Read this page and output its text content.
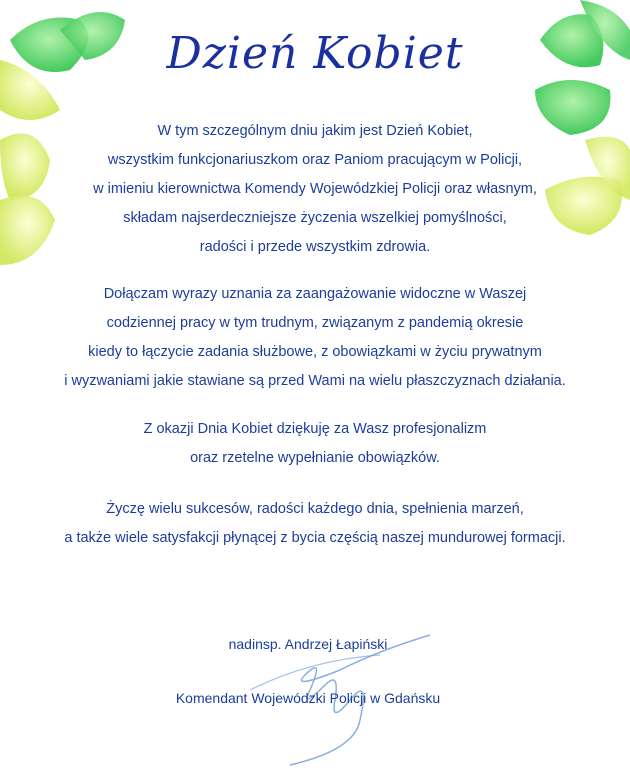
Dzień Kobiet
W tym szczególnym dniu jakim jest Dzień Kobiet,
wszystkim funkcjonariuszkom oraz Paniom pracującym w Policji,
w imieniu kierownictwa Komendy Wojewódzkiej Policji oraz własnym,
składam najserdeczniejsze życzenia wszelkiej pomyślności,
radości i przede wszystkim zdrowia.
Dołączam wyrazy uznania za zaangażowanie widoczne w Waszej
codziennej pracy w tym trudnym, związanym z pandemią okresie
kiedy to łączycie zadania służbowe, z obowiązkami w życiu prywatnym
i wyzwaniami jakie stawiane są przed Wami na wielu płaszczyznach działania.
Z okazji Dnia Kobiet dziękuję za Wasz profesjonalizm
oraz rzetelne wypełnianie obowiązków.
Życzę wielu sukcesów, radości każdego dnia, spełnienia marzeń,
a także wiele satysfakcji płynącej z bycia częścią naszej mundurowej formacji.
nadinsp. Andrzej Łapiński
Komendant Wojewódzki Policji w Gdańsku
